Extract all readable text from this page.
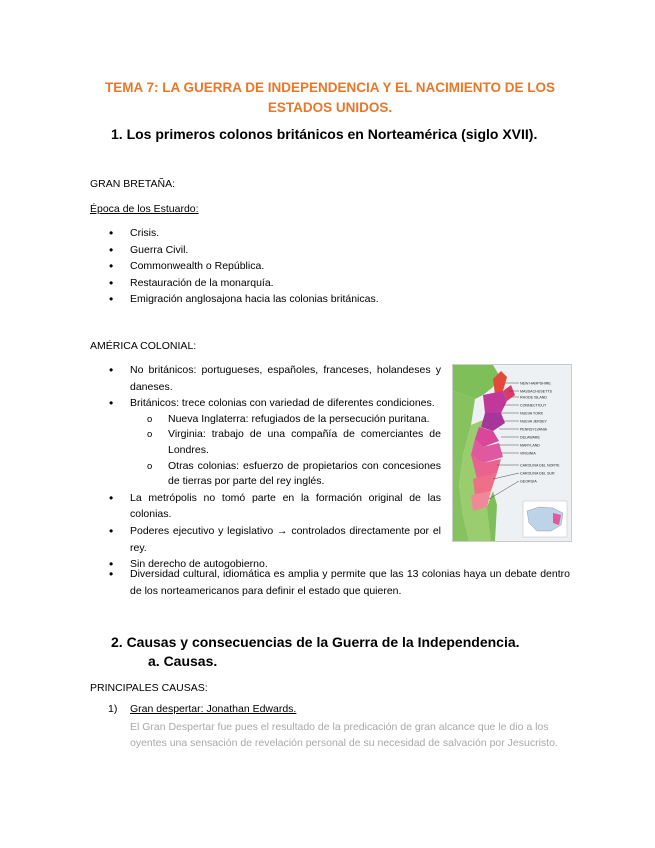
TEMA 7: LA GUERRA DE INDEPENDENCIA Y EL NACIMIENTO DE LOS
ESTADOS UNIDOS.
1. Los primeros colonos británicos en Norteamérica (siglo XVII).
GRAN BRETAÑA:
Época de los Estuardo:
• Crisis.
• Guerra Civil.
• Commonwealth o República.
• Restauración de la monarquía.
• Emigración anglosajona hacia las colonias británicas.
AMÉRICA COLONIAL:
• No británicos: portugueses, españoles, franceses, holandeses y daneses.
• Británicos: trece colonias con variedad de diferentes condiciones.
o Nueva Inglaterra: refugiados de la persecución puritana.
o Virginia: trabajo de una compañía de comerciantes de Londres.
o Otras colonias: esfuerzo de propietarios con concesiones de tierras por parte del rey inglés.
• La metrópolis no tomó parte en la formación original de las colonias.
• Poderes ejecutivo y legislativo → controlados directamente por el rey.
• Sin derecho de autogobierno.
• Diversidad cultural, idiomática es amplia y permite que las 13 colonias haya un debate dentro de los norteamericanos para definir el estado que quieren.
NEW HAMPSHIRE
MASSACHUSETTS
RHODE ISLAND
CONNECTICUT
NUEVA YORK
NUEVA JERSEY
PENNSYLVANIA
DELAWARE
MARYLAND
VIRGINIA
CAROLINA DEL NORTE
CAROLINA DEL SUR
GEORGIA
2. Causas y consecuencias de la Guerra de la Independencia.
a. Causas.
PRINCIPALES CAUSAS:
1) Gran despertar: Jonathan Edwards.
El Gran Despertar fue pues el resultado de la predicación de gran alcance que le dio a los oyentes una sensación de revelación personal de su necesidad de salvación por Jesucristo.
